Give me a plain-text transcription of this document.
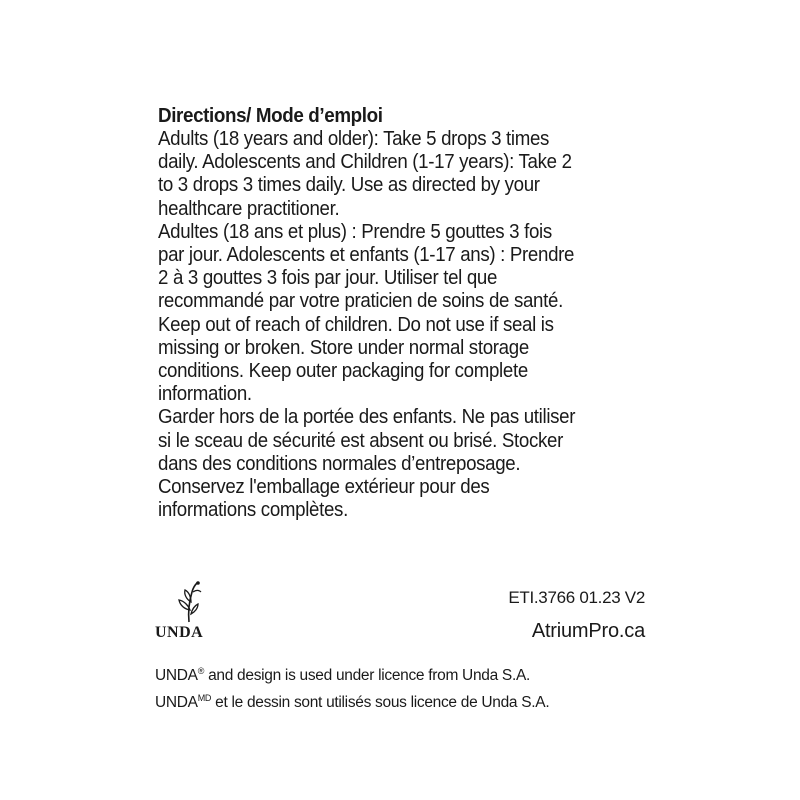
Directions/ Mode d’emploi
Adults (18 years and older): Take 5 drops 3 times
daily. Adolescents and Children (1-17 years): Take 2
to 3 drops 3 times daily. Use as directed by your
healthcare practitioner.
Adultes (18 ans et plus) : Prendre 5 gouttes 3 fois
par jour. Adolescents et enfants (1-17 ans) : Prendre
2 à 3 gouttes 3 fois par jour. Utiliser tel que
recommandé par votre praticien de soins de santé.
Keep out of reach of children. Do not use if seal is
missing or broken. Store under normal storage
conditions. Keep outer packaging for complete
information.
Garder hors de la portée des enfants. Ne pas utiliser
si le sceau de sécurité est absent ou brisé. Stocker
dans des conditions normales d’entreposage.
Conservez l'emballage extérieur pour des
informations complètes.
UNDA
ETI.3766 01.23 V2
AtriumPro.ca
UNDA® and design is used under licence from Unda S.A.
$UNDA^{MD}$ et le dessin sont utilisés sous licence de Unda S.A.
